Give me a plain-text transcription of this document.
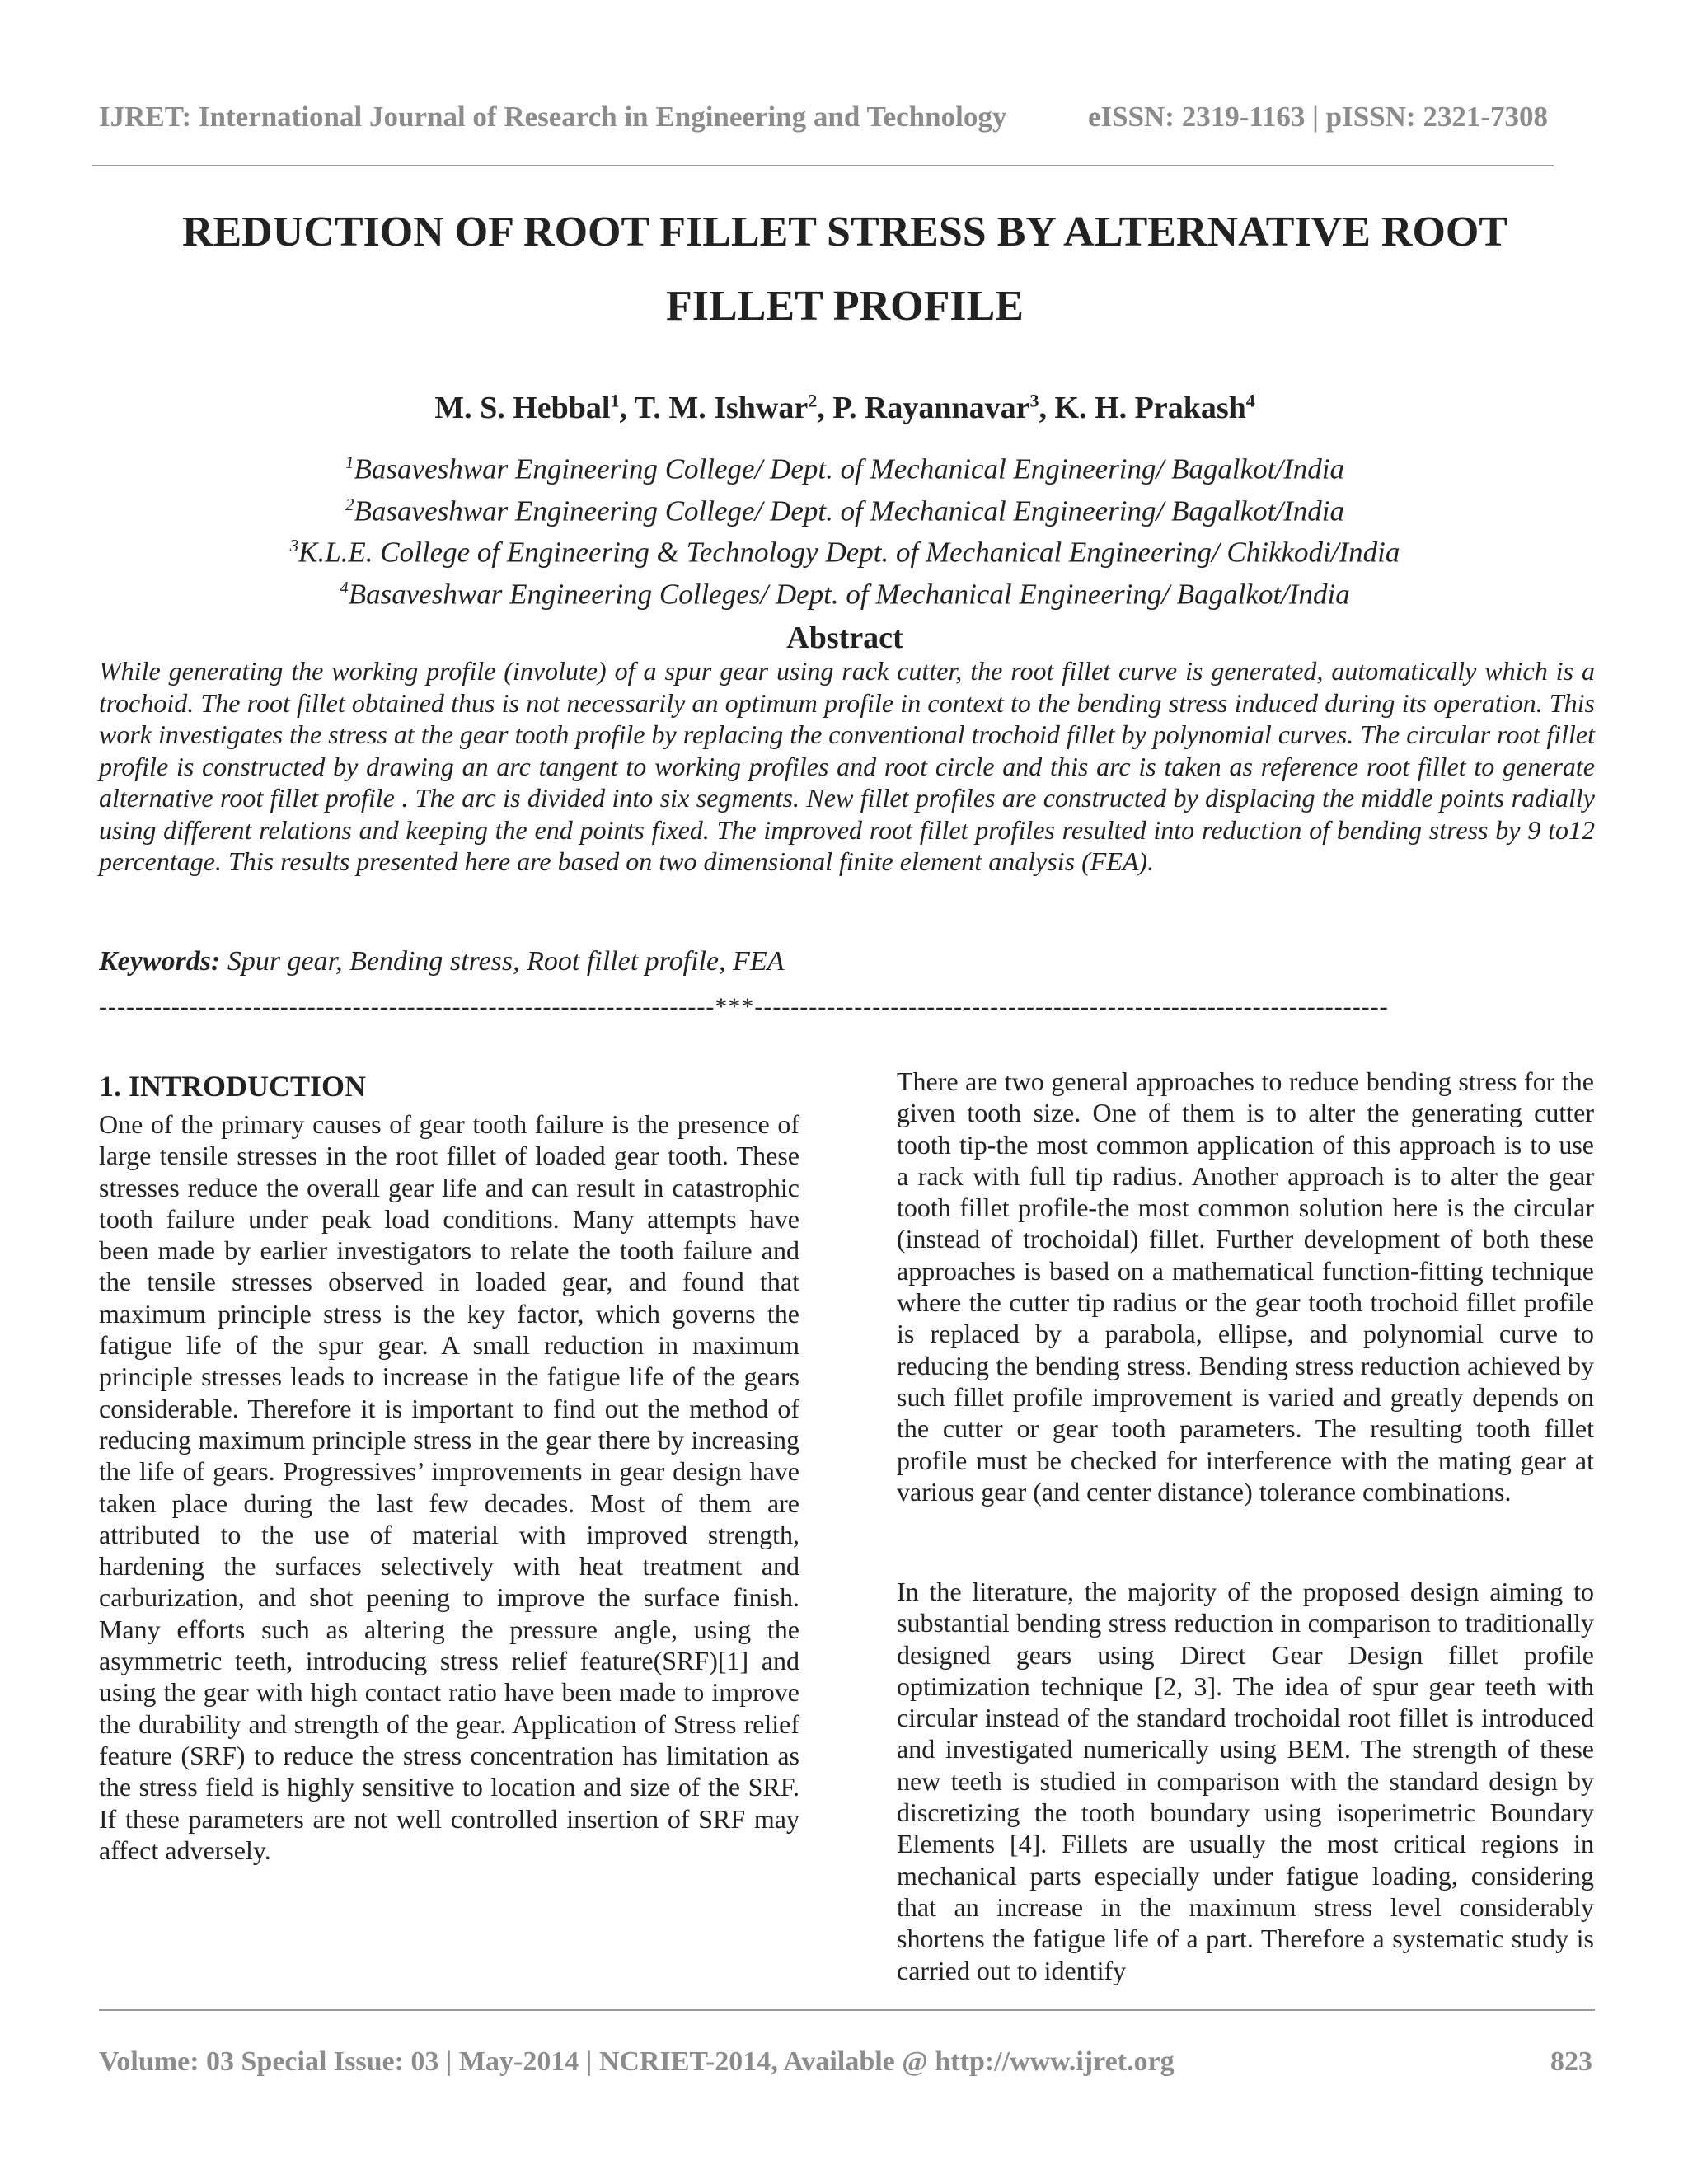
IJRET: International Journal of Research in Engineering and Technology	eISSN: 2319-1163 | pISSN: 2321-7308
REDUCTION OF ROOT FILLET STRESS BY ALTERNATIVE ROOT
FILLET PROFILE
M. S. Hebbal$^1$, T. M. Ishwar$^2$, P. Rayannavar$^3$, K. H. Prakash$^4$
$^1$Basaveshwar Engineering College/ Dept. of Mechanical Engineering/ Bagalkot/India
$^2$Basaveshwar Engineering College/ Dept. of Mechanical Engineering/ Bagalkot/India
$^3$K.L.E. College of Engineering & Technology Dept. of Mechanical Engineering/ Chikkodi/India
$^4$Basaveshwar Engineering Colleges/ Dept. of Mechanical Engineering/ Bagalkot/India
Abstract
While generating the working profile (involute) of a spur gear using rack cutter, the root fillet curve is generated, automatically which is a trochoid. The root fillet obtained thus is not necessarily an optimum profile in context to the bending stress induced during its operation. This work investigates the stress at the gear tooth profile by replacing the conventional trochoid fillet by polynomial curves. The circular root fillet profile is constructed by drawing an arc tangent to working profiles and root circle and this arc is taken as reference root fillet to generate alternative root fillet profile . The arc is divided into six segments. New fillet profiles are constructed by displacing the middle points radially using different relations and keeping the end points fixed. The improved root fillet profiles resulted into reduction of bending stress by 9 to12 percentage. This results presented here are based on two dimensional finite element analysis (FEA).
Keywords: Spur gear, Bending stress, Root fillet profile, FEA
--------------------------------------------------------------------***----------------------------------------------------------------------
1. INTRODUCTION
One of the primary causes of gear tooth failure is the presence of large tensile stresses in the root fillet of loaded gear tooth. These stresses reduce the overall gear life and can result in catastrophic tooth failure under peak load conditions. Many attempts have been made by earlier investigators to relate the tooth failure and the tensile stresses observed in loaded gear, and found that maximum principle stress is the key factor, which governs the fatigue life of the spur gear. A small reduction in maximum principle stresses leads to increase in the fatigue life of the gears considerable. Therefore it is important to find out the method of reducing maximum principle stress in the gear there by increasing the life of gears. Progressives’ improvements in gear design have taken place during the last few decades. Most of them are attributed to the use of material with improved strength, hardening the surfaces selectively with heat treatment and carburization, and shot peening to improve the surface finish. Many efforts such as altering the pressure angle, using the asymmetric teeth, introducing stress relief feature(SRF)[1] and using the gear with high contact ratio have been made to improve the durability and strength of the gear. Application of Stress relief feature (SRF) to reduce the stress concentration has limitation as the stress field is highly sensitive to location and size of the SRF. If these parameters are not well controlled insertion of SRF may affect adversely.
There are two general approaches to reduce bending stress for the given tooth size. One of them is to alter the generating cutter tooth tip-the most common application of this approach is to use a rack with full tip radius. Another approach is to alter the gear tooth fillet profile-the most common solution here is the circular (instead of trochoidal) fillet. Further development of both these approaches is based on a mathematical function-fitting technique where the cutter tip radius or the gear tooth trochoid fillet profile is replaced by a parabola, ellipse, and polynomial curve to reducing the bending stress. Bending stress reduction achieved by such fillet profile improvement is varied and greatly depends on the cutter or gear tooth parameters. The resulting tooth fillet profile must be checked for interference with the mating gear at various gear (and center distance) tolerance combinations.
In the literature, the majority of the proposed design aiming to substantial bending stress reduction in comparison to traditionally designed gears using Direct Gear Design fillet profile optimization technique [2, 3]. The idea of spur gear teeth with circular instead of the standard trochoidal root fillet is introduced and investigated numerically using BEM. The strength of these new teeth is studied in comparison with the standard design by discretizing the tooth boundary using isoperimetric Boundary Elements [4]. Fillets are usually the most critical regions in mechanical parts especially under fatigue loading, considering that an increase in the maximum stress level considerably shortens the fatigue life of a part. Therefore a systematic study is carried out to identify
Volume: 03 Special Issue: 03 | May-2014 | NCRIET-2014, Available @ http://www.ijret.org	823
